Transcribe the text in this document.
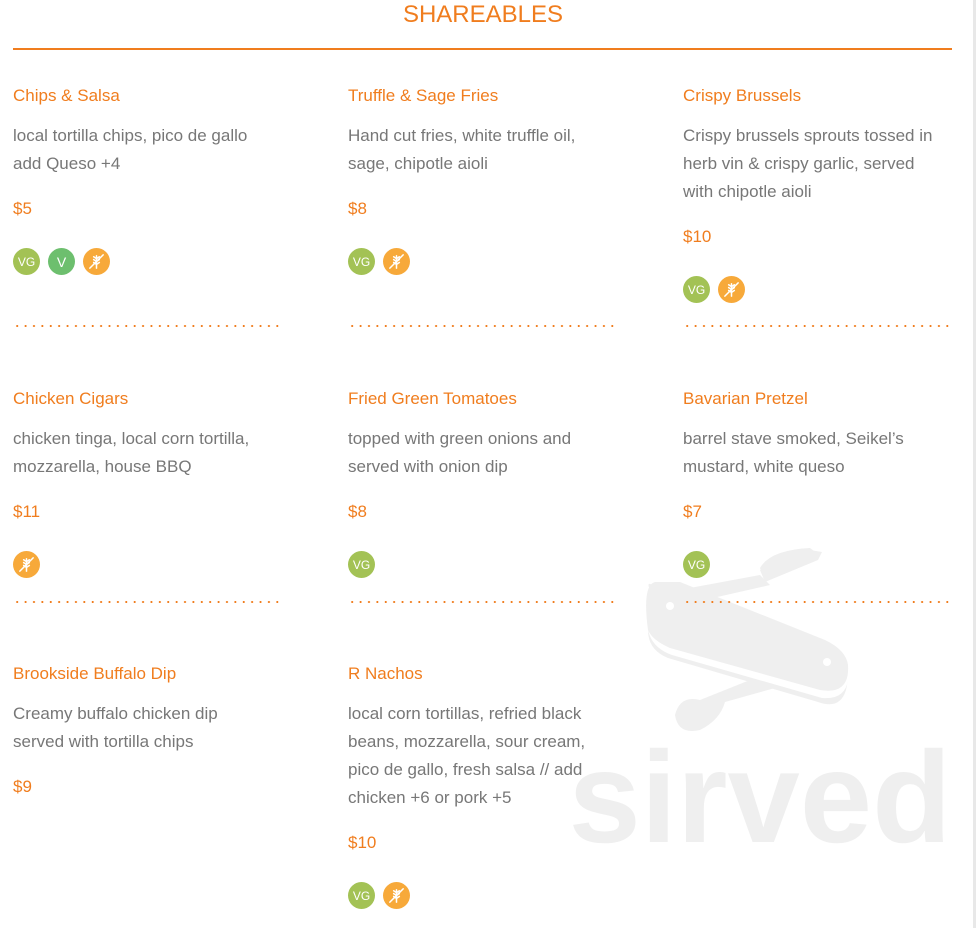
SHAREABLES
sirved
Chips & Salsa
local tortilla chips, pico de gallo
add Queso +4
$5
VG	V
Truffle & Sage Fries
Hand cut fries, white truffle oil,
sage, chipotle aioli
$8
VG
Crispy Brussels
Crispy brussels sprouts tossed in
herb vin & crispy garlic, served
with chipotle aioli
$10
VG
Chicken Cigars
chicken tinga, local corn tortilla,
mozzarella, house BBQ
$11
Fried Green Tomatoes
topped with green onions and
served with onion dip
$8
VG
Bavarian Pretzel
barrel stave smoked, Seikel’s
mustard, white queso
$7
VG
Brookside Buffalo Dip
Creamy buffalo chicken dip
served with tortilla chips
$9
R Nachos
local corn tortillas, refried black
beans, mozzarella, sour cream,
pico de gallo, fresh salsa // add
chicken +6 or pork +5
$10
VG
